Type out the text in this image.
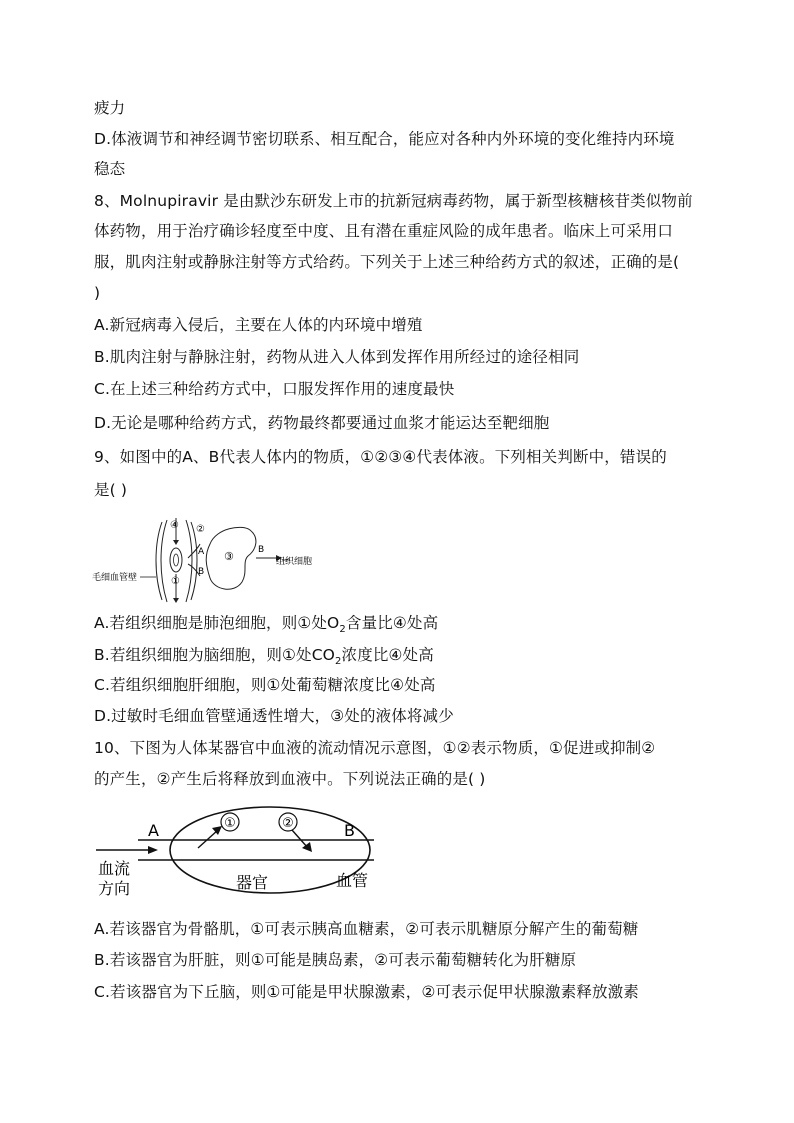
疲力
D.体液调节和神经调节密切联系、相互配合，能应对各种内外环境的变化维持内环境
稳态
8、Molnupiravir 是由默沙东研发上市的抗新冠病毒药物，属于新型核糖核苷类似物前
体药物，用于治疗确诊轻度至中度、且有潜在重症风险的成年患者。临床上可采用口
服，肌肉注射或静脉注射等方式给药。下列关于上述三种给药方式的叙述，正确的是(
)
A.新冠病毒入侵后，主要在人体的内环境中增殖
B.肌肉注射与静脉注射，药物从进入人体到发挥作用所经过的途径相同
C.在上述三种给药方式中，口服发挥作用的速度最快
D.无论是哪种给药方式，药物最终都要通过血浆才能运达至靶细胞
9、如图中的A、B代表人体内的物质，①②③④代表体液。下列相关判断中，错误的
是( )
④ ②
A
B
①
③	B
组织细胞
毛细血管壁
A.若组织细胞是肺泡细胞，则①处$O_2$含量比④处高
B.若组织细胞为脑细胞，则①处$CO_2$浓度比④处高
C.若组织细胞肝细胞，则①处葡萄糖浓度比④处高
D.过敏时毛细血管壁通透性增大，③处的液体将减少
10、下图为人体某器官中血液的流动情况示意图，①②表示物质，①促进或抑制②
的产生，②产生后将释放到血液中。下列说法正确的是( )
①	②
A	B
血流
方向	器官	血管
A.若该器官为骨骼肌，①可表示胰高血糖素，②可表示肌糖原分解产生的葡萄糖
B.若该器官为肝脏，则①可能是胰岛素，②可表示葡萄糖转化为肝糖原
C.若该器官为下丘脑，则①可能是甲状腺激素，②可表示促甲状腺激素释放激素
